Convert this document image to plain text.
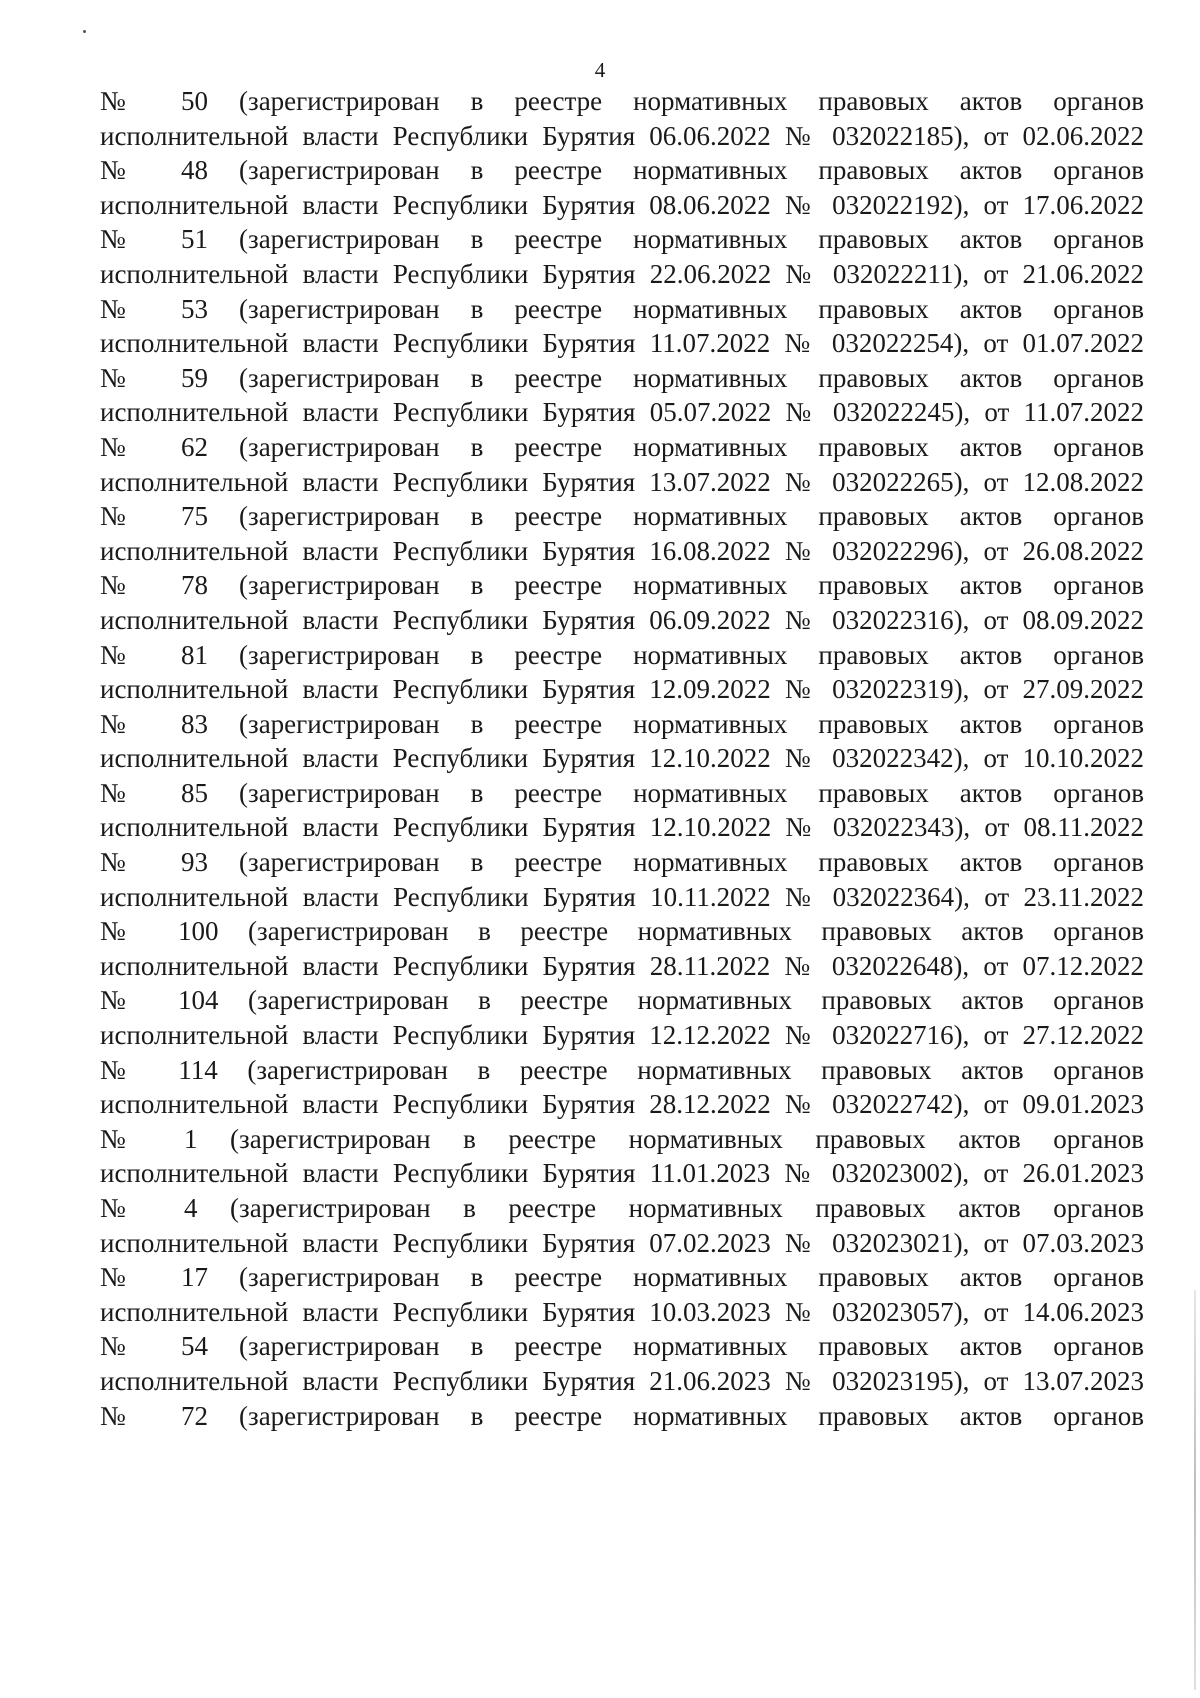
4
№ 50 (зарегистрирован в реестре нормативных правовых актов органов
исполнительной власти Республики Бурятия 06.06.2022 № 032022185), от 02.06.2022
№ 48 (зарегистрирован в реестре нормативных правовых актов органов
исполнительной власти Республики Бурятия 08.06.2022 № 032022192), от 17.06.2022
№ 51 (зарегистрирован в реестре нормативных правовых актов органов
исполнительной власти Республики Бурятия 22.06.2022 № 032022211), от 21.06.2022
№ 53 (зарегистрирован в реестре нормативных правовых актов органов
исполнительной власти Республики Бурятия 11.07.2022 № 032022254), от 01.07.2022
№ 59 (зарегистрирован в реестре нормативных правовых актов органов
исполнительной власти Республики Бурятия 05.07.2022 № 032022245), от 11.07.2022
№ 62 (зарегистрирован в реестре нормативных правовых актов органов
исполнительной власти Республики Бурятия 13.07.2022 № 032022265), от 12.08.2022
№ 75 (зарегистрирован в реестре нормативных правовых актов органов
исполнительной власти Республики Бурятия 16.08.2022 № 032022296), от 26.08.2022
№ 78 (зарегистрирован в реестре нормативных правовых актов органов
исполнительной власти Республики Бурятия 06.09.2022 № 032022316), от 08.09.2022
№ 81 (зарегистрирован в реестре нормативных правовых актов органов
исполнительной власти Республики Бурятия 12.09.2022 № 032022319), от 27.09.2022
№ 83 (зарегистрирован в реестре нормативных правовых актов органов
исполнительной власти Республики Бурятия 12.10.2022 № 032022342), от 10.10.2022
№ 85 (зарегистрирован в реестре нормативных правовых актов органов
исполнительной власти Республики Бурятия 12.10.2022 № 032022343), от 08.11.2022
№ 93 (зарегистрирован в реестре нормативных правовых актов органов
исполнительной власти Республики Бурятия 10.11.2022 № 032022364), от 23.11.2022
№ 100 (зарегистрирован в реестре нормативных правовых актов органов
исполнительной власти Республики Бурятия 28.11.2022 № 032022648), от 07.12.2022
№ 104 (зарегистрирован в реестре нормативных правовых актов органов
исполнительной власти Республики Бурятия 12.12.2022 № 032022716), от 27.12.2022
№ 114 (зарегистрирован в реестре нормативных правовых актов органов
исполнительной власти Республики Бурятия 28.12.2022 № 032022742), от 09.01.2023
№ 1 (зарегистрирован в реестре нормативных правовых актов органов
исполнительной власти Республики Бурятия 11.01.2023 № 032023002), от 26.01.2023
№ 4 (зарегистрирован в реестре нормативных правовых актов органов
исполнительной власти Республики Бурятия 07.02.2023 № 032023021), от 07.03.2023
№ 17 (зарегистрирован в реестре нормативных правовых актов органов
исполнительной власти Республики Бурятия 10.03.2023 № 032023057), от 14.06.2023
№ 54 (зарегистрирован в реестре нормативных правовых актов органов
исполнительной власти Республики Бурятия 21.06.2023 № 032023195), от 13.07.2023
№ 72 (зарегистрирован в реестре нормативных правовых актов органов
